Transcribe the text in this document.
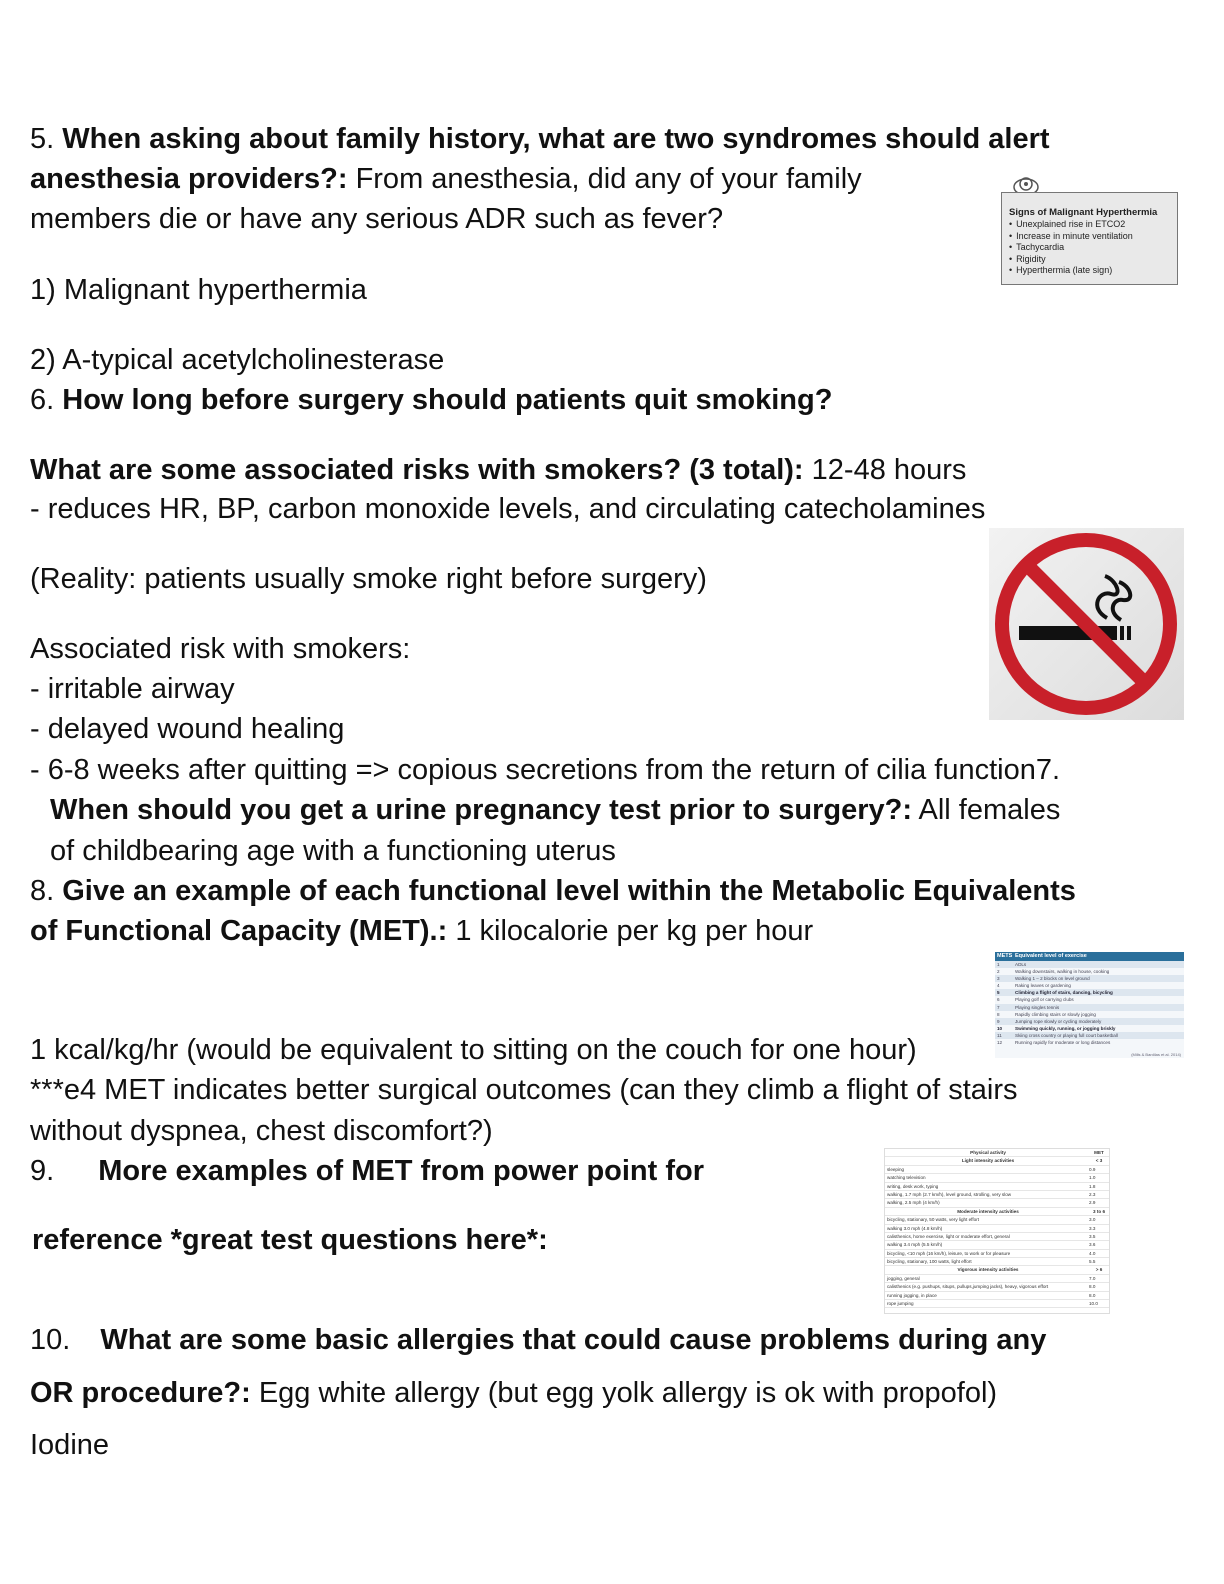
5. When asking about family history, what are two syndromes should alert
anesthesia providers?: From anesthesia, did any of your family
members die or have any serious ADR such as fever?	Signs of Malignant Hyperthermia
• Unexplained rise in ETCO2
• Increase in minute ventilation
• Tachycardia
• Rigidity
• Hyperthermia (late sign)
1) Malignant hyperthermia
2) A-typical acetylcholinesterase
6. How long before surgery should patients quit smoking?
What are some associated risks with smokers? (3 total): 12-48 hours
- reduces HR, BP, carbon monoxide levels, and circulating catecholamines
(Reality: patients usually smoke right before surgery)
Associated risk with smokers:
- irritable airway
- delayed wound healing
- 6-8 weeks after quitting => copious secretions from the return of cilia function7.
When should you get a urine pregnancy test prior to surgery?: All females
of childbearing age with a functioning uterus
8. Give an example of each functional level within the Metabolic Equivalents
of Functional Capacity (MET).: 1 kilocalorie per kg per hour
METS Equivalent level of exercise
1	ADLs
2	Walking downstairs, walking in house, cooking
3	Walking 1 – 2 blocks on level ground
4	Raking leaves or gardening
5	Climbing a flight of stairs, dancing, bicycling
6	Playing golf or carrying clubs
7	Playing singles tennis
8	Rapidly climbing stairs or slowly jogging
9	Jumping rope slowly or cycling moderately
10	Swimming quickly, running, or jogging briskly
11	Skiing cross country or playing full court basketball
12	Running rapidly for moderate or long distances
(Mills & Bardilas et al. 2014)
1 kcal/kg/hr (would be equivalent to sitting on the couch for one hour)
***e4 MET indicates better surgical outcomes (can they climb a flight of stairs
without dyspnea, chest discomfort?)
9. More examples of MET from power point for
reference *great test questions here*:
Physical activity	MET
Light intensity activities	< 3
sleeping	0.9
watching television	1.0
writing, desk work, typing	1.8
walking, 1.7 mph (2.7 km/h), level ground, strolling, very slow	2.3
walking, 2.5 mph (4 km/h)	2.9
Moderate intensity activities	3 to 6
bicycling, stationary, 50 watts, very light effort	3.0
walking 3.0 mph (4.8 km/h)	3.3
calisthenics, home exercise, light or moderate effort, general	3.5
walking 3.4 mph (5.5 km/h)	3.6
bicycling, <10 mph (16 km/h), leisure, to work or for pleasure	4.0
bicycling, stationary, 100 watts, light effort	5.5
Vigorous intensity activities	> 6
jogging, general	7.0
calisthenics (e.g. pushups, situps, pullups,jumping jacks), heavy, vigorous effort	8.0
running jogging, in place	8.0
rope jumping	10.0
10. What are some basic allergies that could cause problems during any
OR procedure?: Egg white allergy (but egg yolk allergy is ok with propofol)
Iodine
